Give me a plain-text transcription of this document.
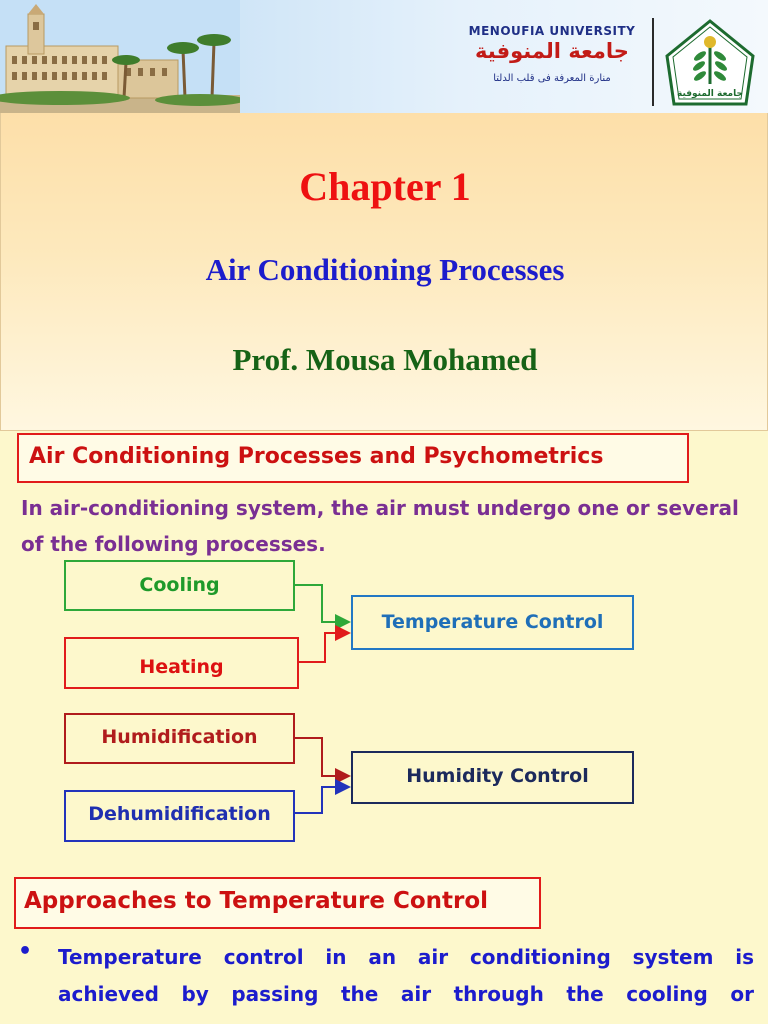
MENOUFIA UNIVERSITY
جامعة المنوفية
منارة المعرفة فى قلب الدلتا
جامعة المنوفية
Chapter 1
Air Conditioning Processes
Prof. Mousa Mohamed
Air Conditioning Processes and Psychometrics
In air-conditioning system, the air must undergo one or several of the following processes.
Cooling
Heating
Temperature Control
Humidification
Dehumidification
Humidity Control
Approaches to Temperature Control
• Temperature control in an air conditioning system is achieved by passing the air through the cooling or
